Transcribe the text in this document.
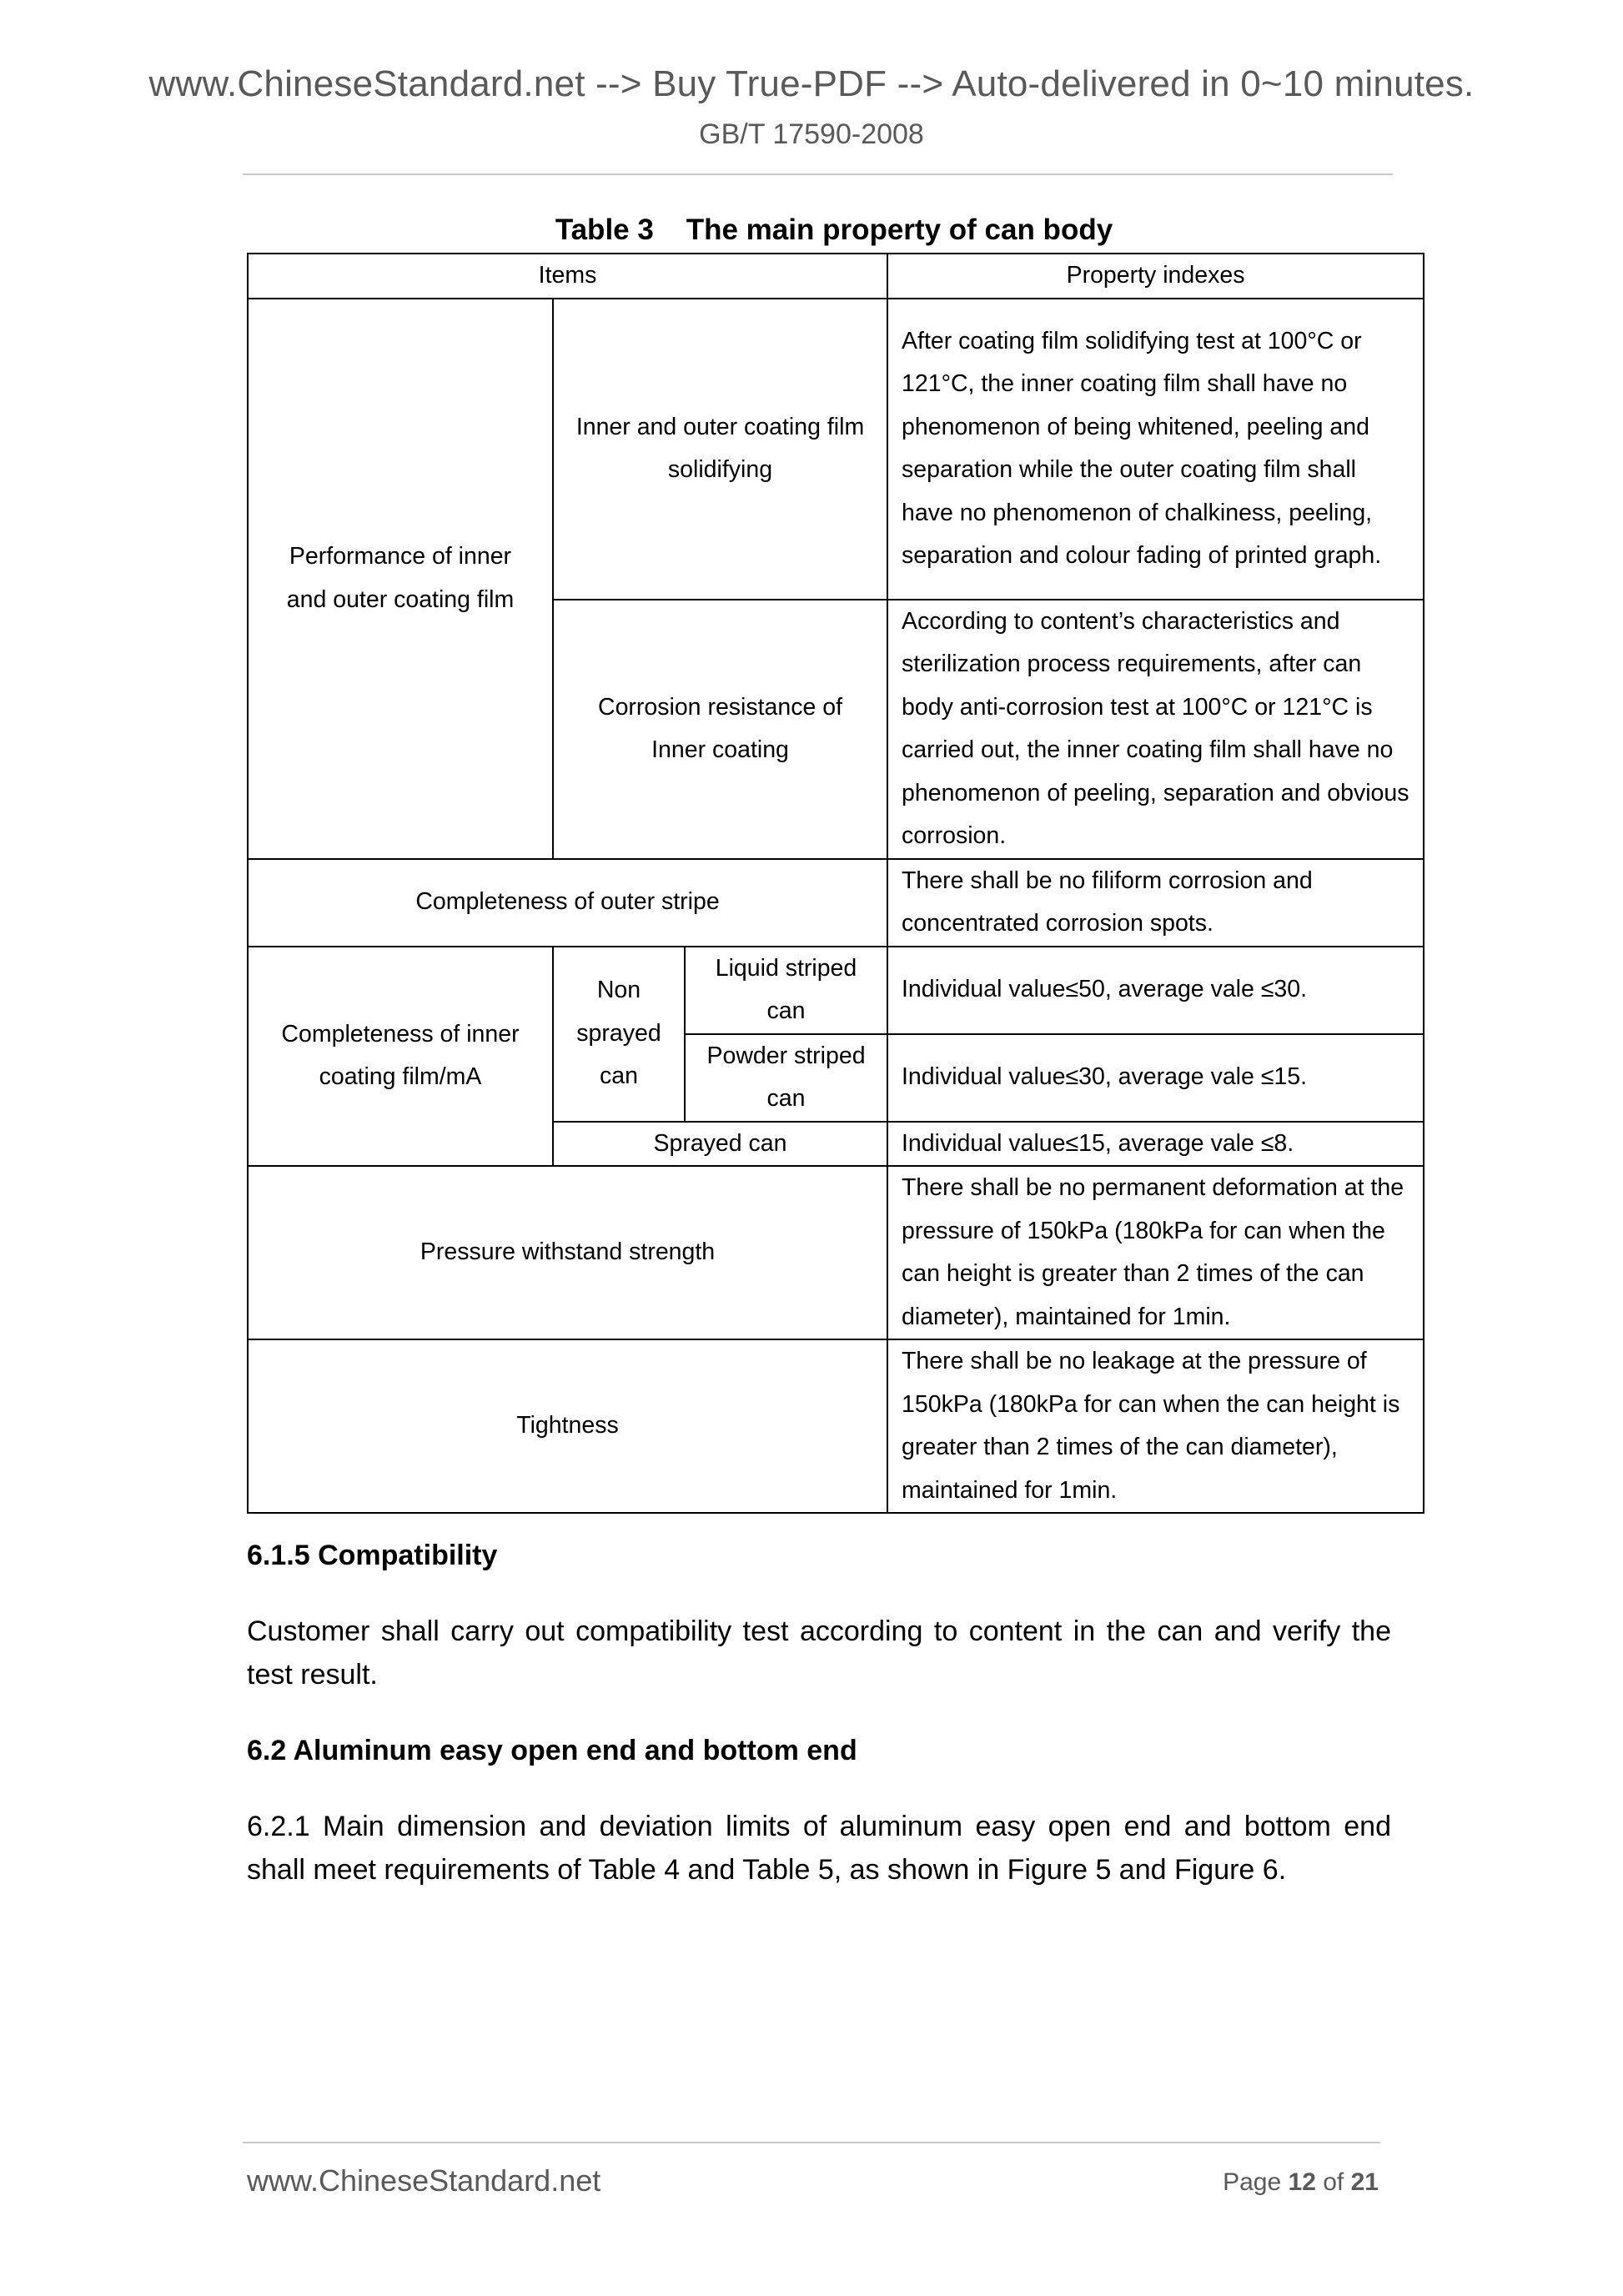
www.ChineseStandard.net --> Buy True-PDF --> Auto-delivered in 0~10 minutes.
GB/T 17590-2008
Table 3    The main property of can body
Items			Property indexes
Performance of inner and outer coating film	Inner and outer coating film solidifying		After coating film solidifying test at 100°C or 121°C, the inner coating film shall have no phenomenon of being whitened, peeling and separation while the outer coating film shall have no phenomenon of chalkiness, peeling, separation and colour fading of printed graph.
	Corrosion resistance of Inner coating		According to content’s characteristics and sterilization process requirements, after can body anti-corrosion test at 100°C or 121°C is carried out, the inner coating film shall have no phenomenon of peeling, separation and obvious corrosion.
Completeness of outer stripe			There shall be no filiform corrosion and concentrated corrosion spots.
Completeness of inner coating film/mA	Non sprayed can	Liquid striped can	Individual value≤50, average vale ≤30.
		Powder striped can	Individual value≤30, average vale ≤15.
	Sprayed can		Individual value≤15, average vale ≤8.
Pressure withstand strength			There shall be no permanent deformation at the pressure of 150kPa (180kPa for can when the can height is greater than 2 times of the can diameter), maintained for 1min.
Tightness			There shall be no leakage at the pressure of 150kPa (180kPa for can when the can height is greater than 2 times of the can diameter), maintained for 1min.
6.1.5 Compatibility
Customer shall carry out compatibility test according to content in the can and verify the test result.
6.2 Aluminum easy open end and bottom end
6.2.1 Main dimension and deviation limits of aluminum easy open end and bottom end shall meet requirements of Table 4 and Table 5, as shown in Figure 5 and Figure 6.
www.ChineseStandard.net	Page 12 of 21
